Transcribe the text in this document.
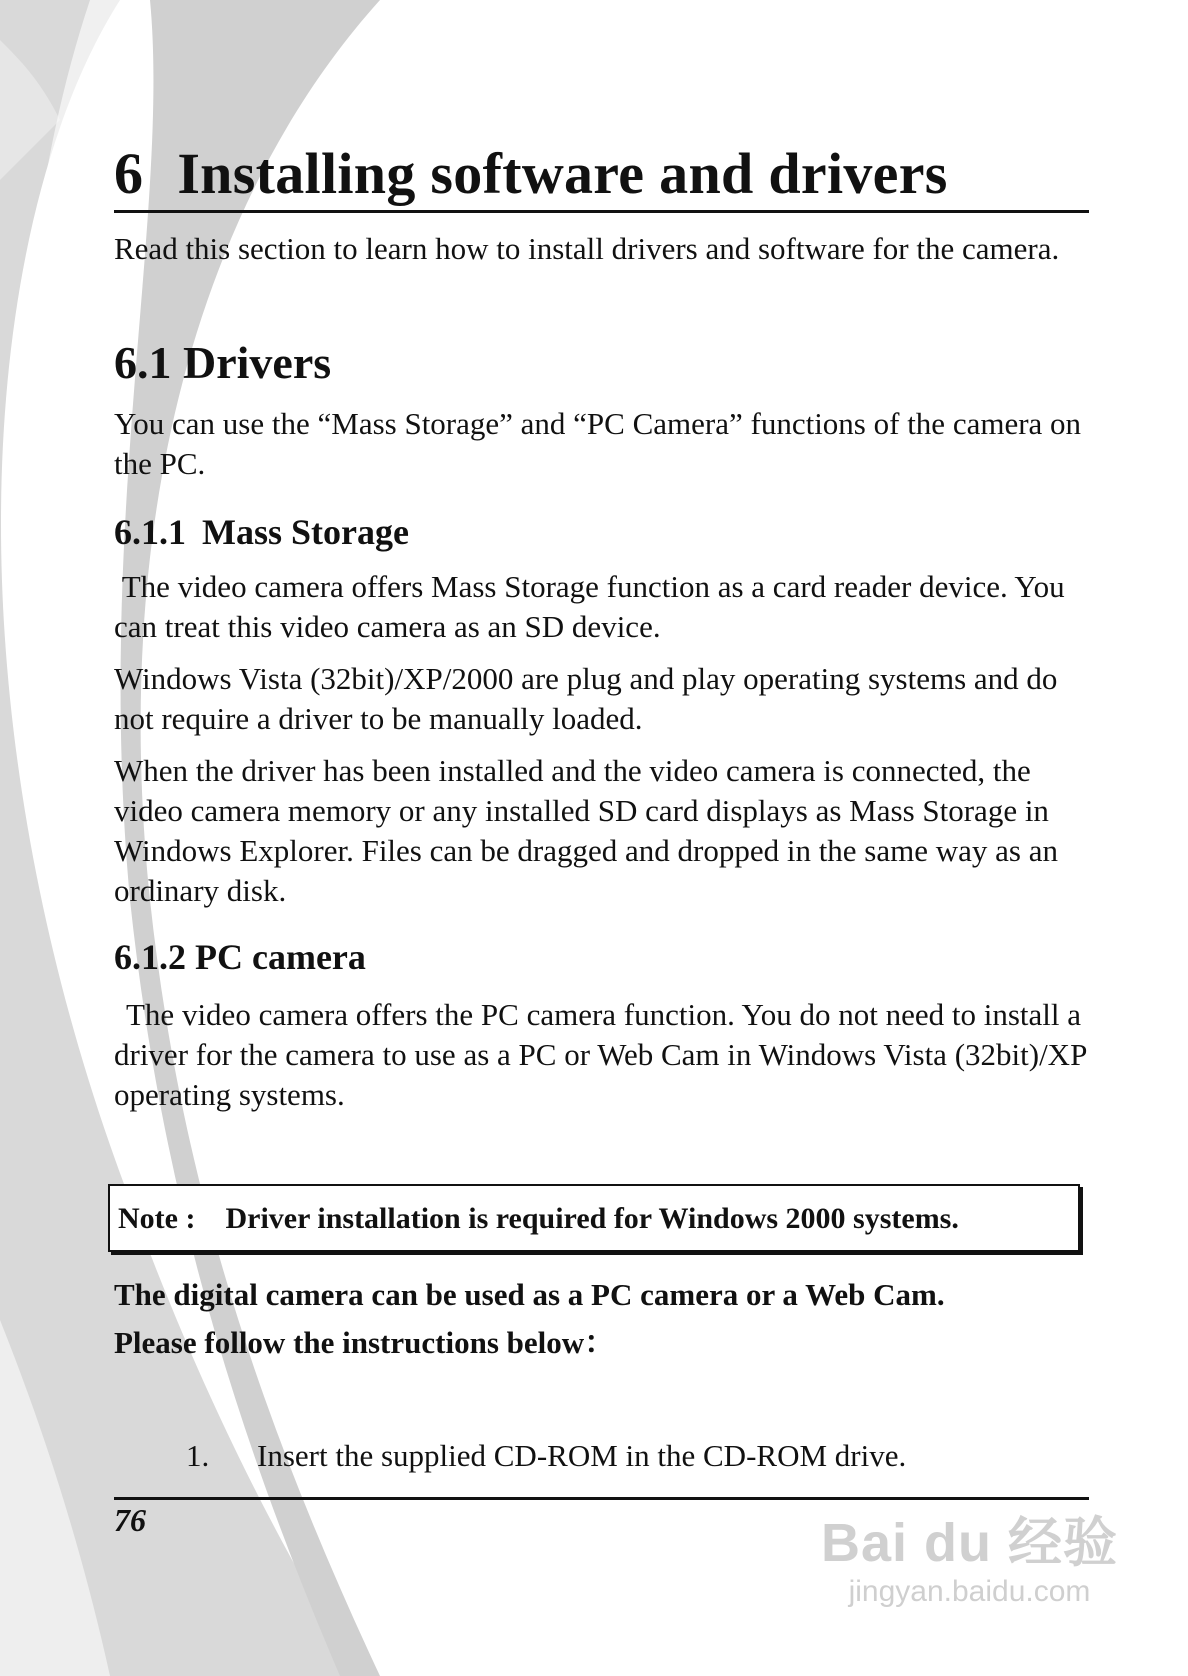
6 Installing software and drivers

Read this section to learn how to install drivers and software for the camera.

6.1 Drivers

You can use the “Mass Storage” and “PC Camera” functions of the camera on the PC.

6.1.1 Mass Storage

The video camera offers Mass Storage function as a card reader device. You can treat this video camera as an SD device.

Windows Vista (32bit)/XP/2000 are plug and play operating systems and do not require a driver to be manually loaded.

When the driver has been installed and the video camera is connected, the video camera memory or any installed SD card displays as Mass Storage in Windows Explorer. Files can be dragged and dropped in the same way as an ordinary disk.

6.1.2 PC camera

The video camera offers the PC camera function. You do not need to install a driver for the camera to use as a PC or Web Cam in Windows Vista (32bit)/XP operating systems.

Note : Driver installation is required for Windows 2000 systems.
The digital camera can be used as a PC camera or a Web Cam.
Please follow the instructions below：
1. Insert the supplied CD-ROM in the CD-ROM drive.
76	Bai du 经验
jingyan.baidu.com
